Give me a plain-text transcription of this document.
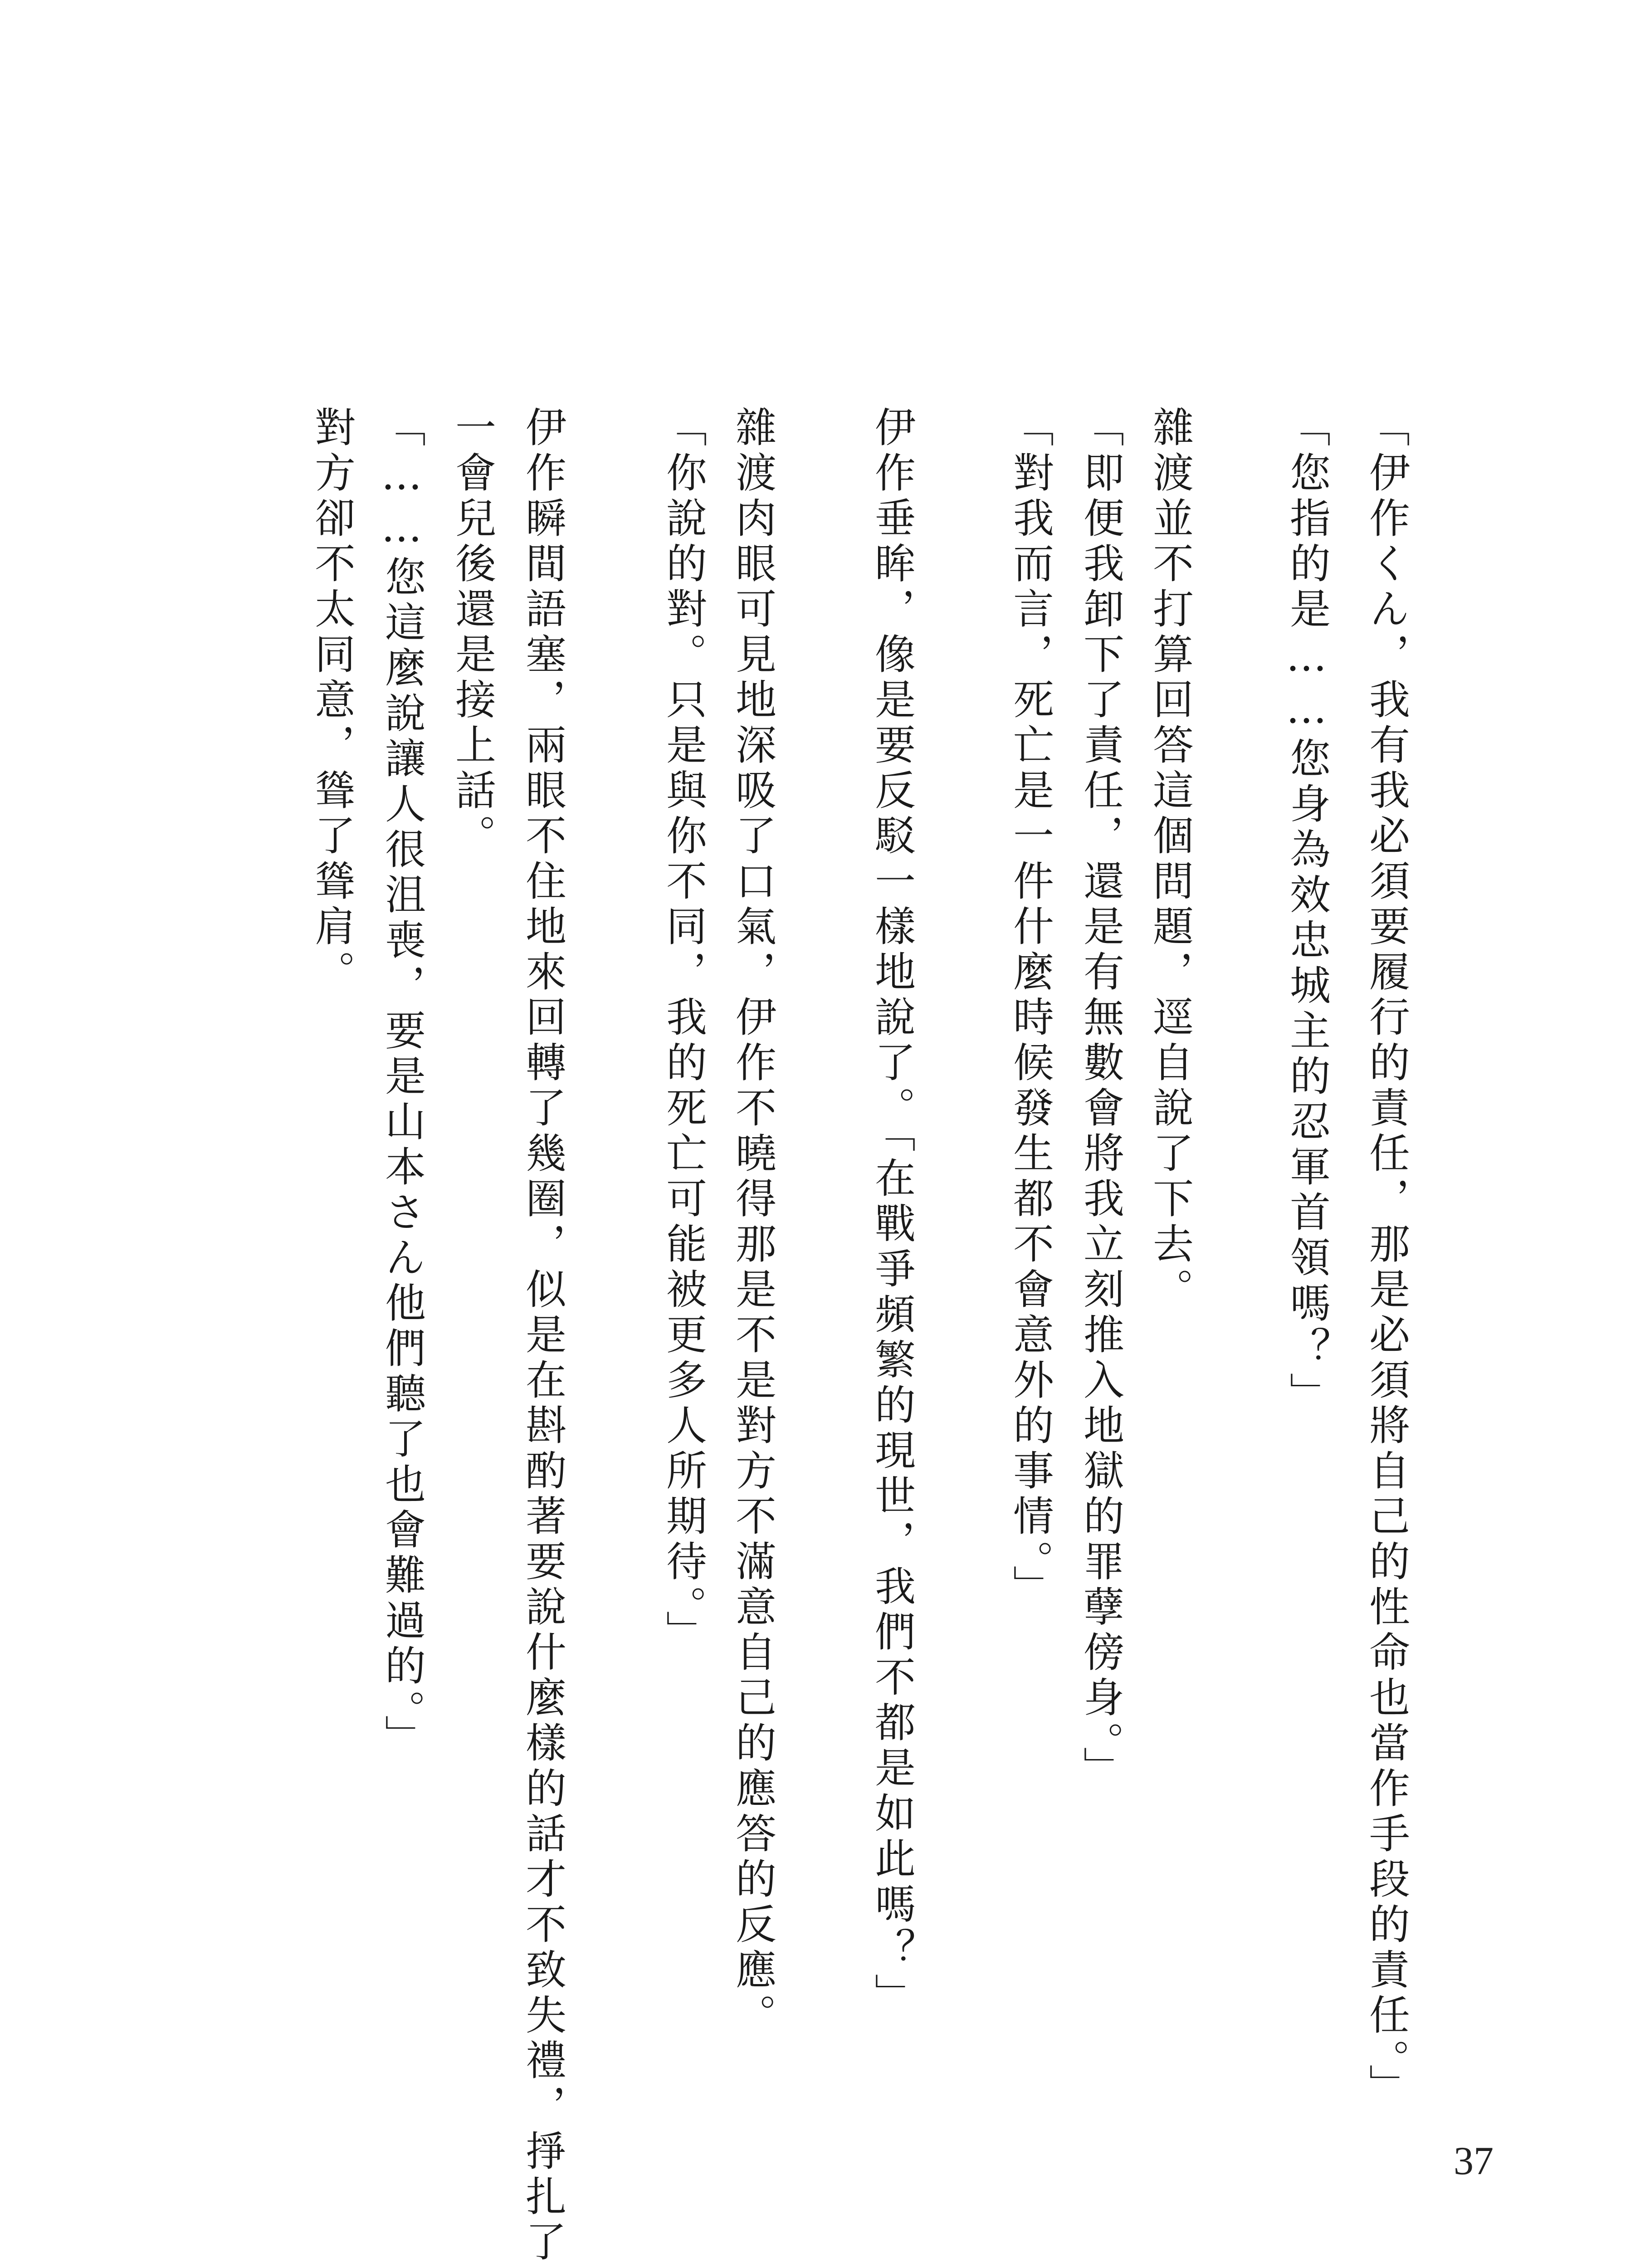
「伊作くん，我有我必須要履行的責任，那是必須將自己的性命也當作手段的責任。」
「您指的是……您身為效忠城主的忍軍首領嗎？」
雜渡並不打算回答這個問題，逕自說了下去。
「即便我卸下了責任，還是有無數會將我立刻推入地獄的罪孽傍身。」
「對我而言，死亡是一件什麼時候發生都不會意外的事情。」
伊作垂眸，像是要反駁一樣地說了。「在戰爭頻繁的現世，我們不都是如此嗎？」
雜渡肉眼可見地深吸了口氣，伊作不曉得那是不是對方不滿意自己的應答的反應。
「你說的對。只是與你不同，我的死亡可能被更多人所期待。」
伊作瞬間語塞，兩眼不住地來回轉了幾圈，似是在斟酌著要說什麼樣的話才不致失禮，掙扎了
一會兒後還是接上話。
「……您這麼說讓人很沮喪，要是山本さん他們聽了也會難過的。」
對方卻不太同意，聳了聳肩。
37
